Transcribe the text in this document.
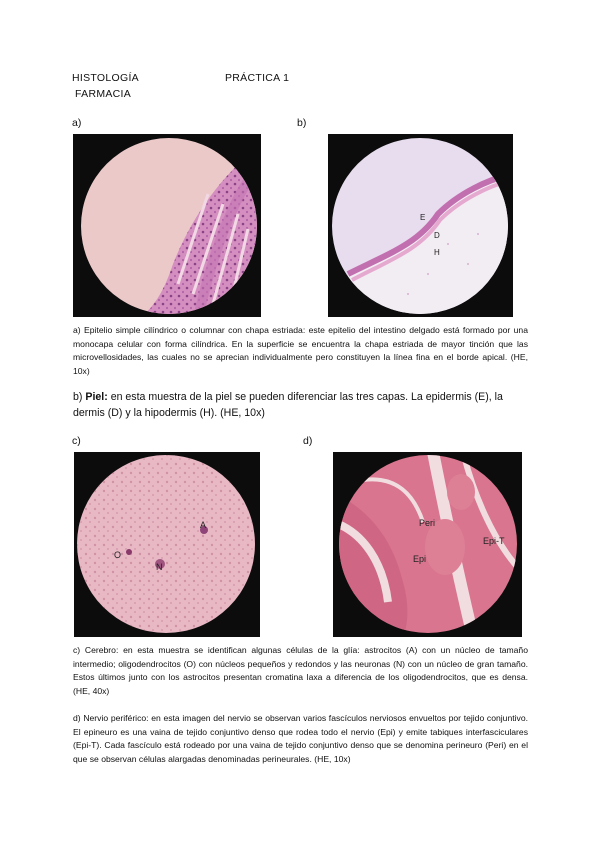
HISTOLOGÍA	PRÁCTICA 1
FARMACIA
a)	b)
E
D
H
a) Epitelio simple cilíndrico o columnar con chapa estriada: este epitelio del intestino delgado está formado por una monocapa celular con forma cilíndrica. En la superficie se encuentra la chapa estriada de mayor tinción que las microvellosidades, las cuales no se aprecian individualmente pero constituyen la línea fina en el borde apical. (HE, 10x)
b) Piel: en esta muestra de la piel se pueden diferenciar las tres capas. La epidermis (E), la dermis (D) y la hipodermis (H). (HE, 10x)
c)	d)
A
O
N
Peri
Epi-T
Epi
c) Cerebro: en esta muestra se identifican algunas células de la glía: astrocitos (A) con un núcleo de tamaño intermedio; oligodendrocitos (O) con núcleos pequeños y redondos y las neuronas (N) con un núcleo de gran tamaño. Estos últimos junto con los astrocitos presentan cromatina laxa a diferencia de los oligodendrocitos, que es densa. (HE, 40x)
d) Nervio periférico: en esta imagen del nervio se observan varios fascículos nerviosos envueltos por tejido conjuntivo. El epineuro es una vaina de tejido conjuntivo denso que rodea todo el nervio (Epi) y emite tabiques interfasciculares (Epi-T). Cada fascículo está rodeado por una vaina de tejido conjuntivo denso que se denomina perineuro (Peri) en el que se observan células alargadas denominadas perineurales. (HE, 10x)
